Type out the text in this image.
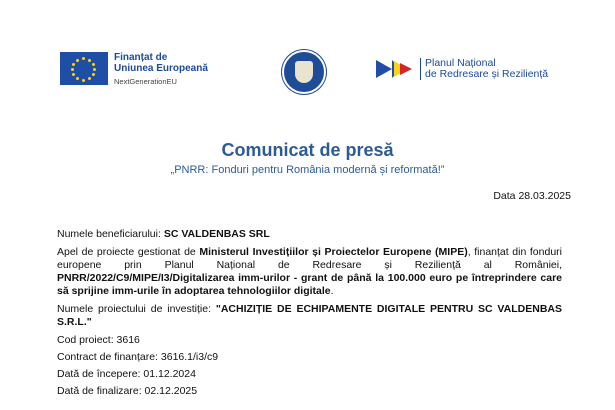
Finanțat de
Uniunea Europeană
NextGenerationEU
Planul Național
de Redresare și Reziliență
Comunicat de presă
„PNRR: Fonduri pentru România modernă și reformată!”
Data 28.03.2025

Numele beneficiarului: SC VALDENBAS SRL

Apel de proiecte gestionat de Ministerul Investițiilor și Proiectelor Europene (MIPE), finanțat din fonduri europene prin Planul Național de Redresare și Reziliență al României, PNRR/2022/C9/MIPE/I3/Digitalizarea imm-urilor - grant de până la 100.000 euro pe întreprindere care să sprijine imm-urile în adoptarea tehnologiilor digitale.

Numele proiectului de investiție: "ACHIZIȚIE DE ECHIPAMENTE DIGITALE PENTRU SC VALDENBAS S.R.L."

Cod proiect: 3616
Contract de finanțare: 3616.1/i3/c9
Dată de începere: 01.12.2024
Dată de finalizare: 02.12.2025
